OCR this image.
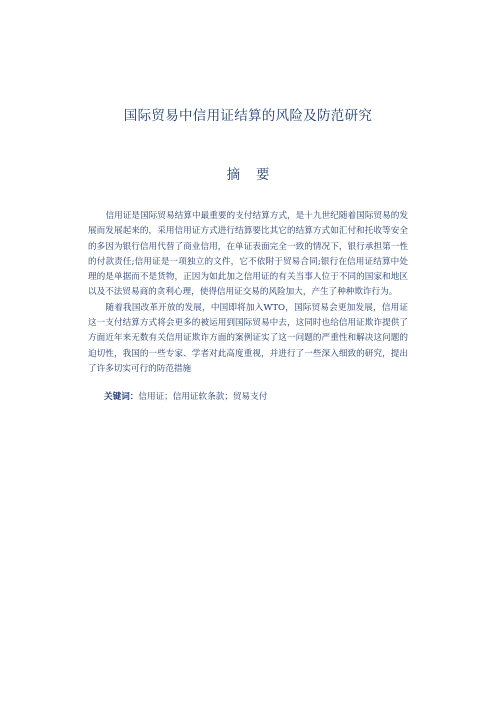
国际贸易中信用证结算的风险及防范研究
摘 要

信用证是国际贸易结算中最重要的支付结算方式，是十九世纪随着国际贸易的发展而发展起来的，采用信用证方式进行结算要比其它的结算方式如汇付和托收等安全的多因为银行信用代替了商业信用，在单证表面完全一致的情况下，银行承担第一性的付款责任;信用证是一项独立的文件，它不依附于贸易合同;银行在信用证结算中处理的是单据而不是货物，正因为如此加之信用证的有关当事人位于不同的国家和地区以及不法贸易商的贪利心理，使得信用证交易的风险加大，产生了种种欺诈行为。

随着我国改革开放的发展，中国即将加入WTO，国际贸易会更加发展，信用证这一支付结算方式将会更多的被运用到国际贸易中去，这同时也给信用证欺诈提供了方面近年来无数有关信用证欺诈方面的案例证实了这一问题的严重性和解决这问题的迫切性，我国的一些专家、学者对此高度重视，并进行了一些深入细致的研究，提出了许多切实可行的防范措施

关键词：信用证；信用证软条款；贸易支付
